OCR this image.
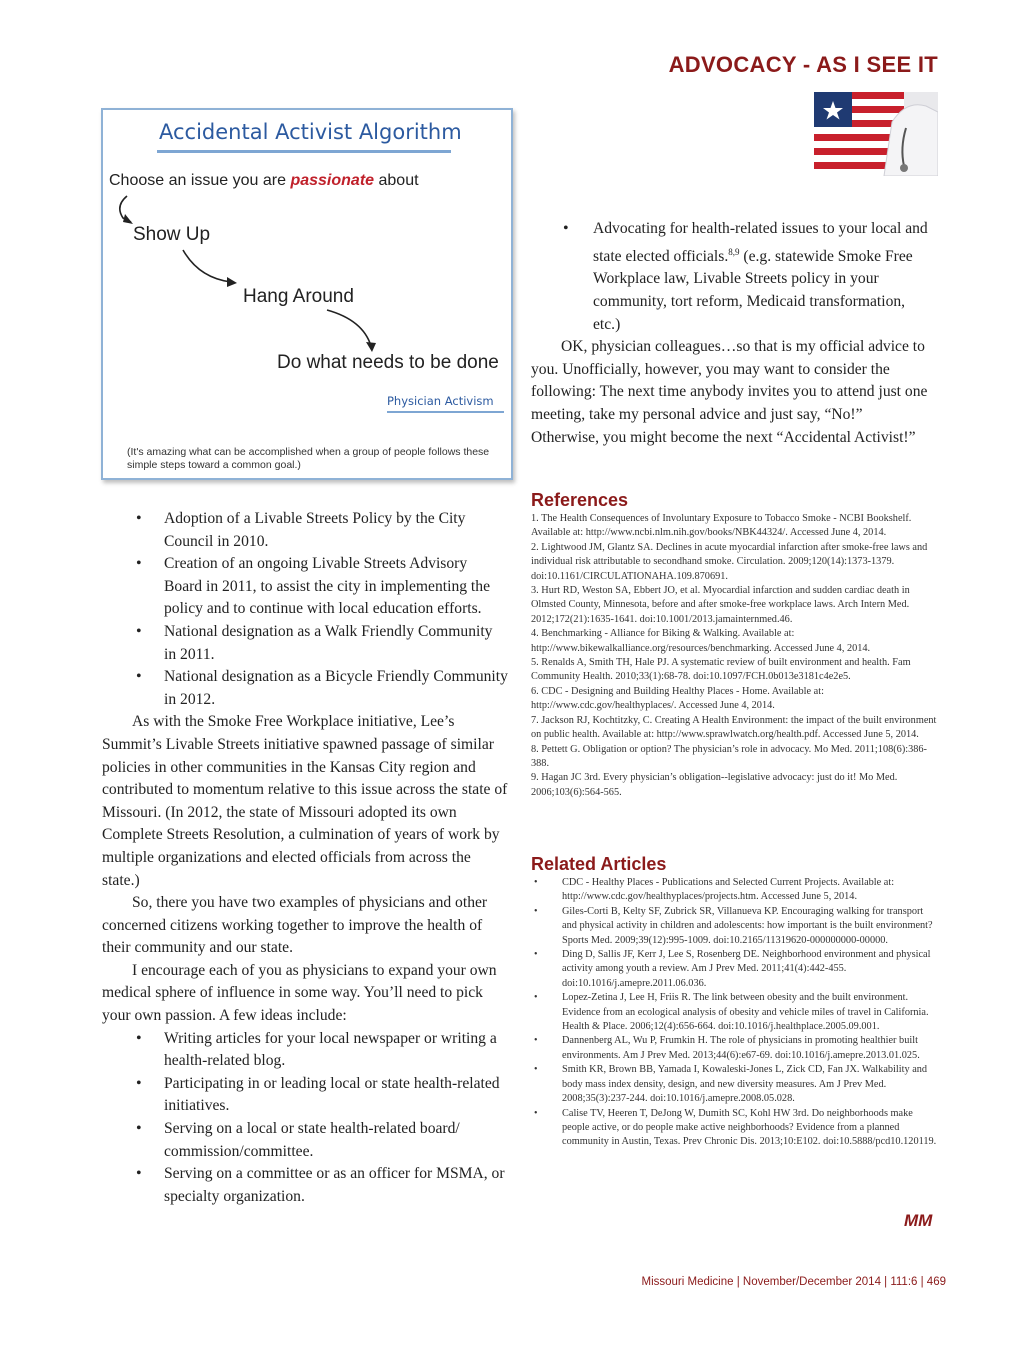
ADVOCACY - AS I SEE IT
Accidental Activist Algorithm
Choose an issue you are passionate about
Show Up
Hang Around
Do what needs to be done
Physician Activism
(It's amazing what can be accomplished when a group of people follows these simple steps toward a common goal.)
• Adoption of a Livable Streets Policy by the City Council in 2010.
• Creation of an ongoing Livable Streets Advisory Board in 2011, to assist the city in implementing the policy and to continue with local education efforts.
• National designation as a Walk Friendly Community in 2011.
• National designation as a Bicycle Friendly Community in 2012.

As with the Smoke Free Workplace initiative, Lee’s Summit’s Livable Streets initiative spawned passage of similar policies in other communities in the Kansas City region and contributed to momentum relative to this issue across the state of Missouri. (In 2012, the state of Missouri adopted its own Complete Streets Resolution, a culmination of years of work by multiple organizations and elected officials from across the state.)

So, there you have two examples of physicians and other concerned citizens working together to improve the health of their community and our state.

I encourage each of you as physicians to expand your own medical sphere of influence in some way. You’ll need to pick your own passion. A few ideas include:

• Writing articles for your local newspaper or writing a health-related blog.
• Participating in or leading local or state health-related initiatives.
• Serving on a local or state health-related board/ commission/committee.
• Serving on a committee or as an officer for MSMA, or specialty organization.
• Advocating for health-related issues to your local and state elected officials.$^{8,9}$ (e.g. statewide Smoke Free Workplace law, Livable Streets policy in your community, tort reform, Medicaid transformation, etc.)

OK, physician colleagues…so that is my official advice to you. Unofficially, however, you may want to consider the following: The next time anybody invites you to attend just one meeting, take my personal advice and just say, “No!” Otherwise, you might become the next “Accidental Activist!”

References

1. The Health Consequences of Involuntary Exposure to Tobacco Smoke - NCBI Bookshelf. Available at: http://www.ncbi.nlm.nih.gov/books/NBK44324/. Accessed June 4, 2014.

2. Lightwood JM, Glantz SA. Declines in acute myocardial infarction after smoke-free laws and individual risk attributable to secondhand smoke. Circulation. 2009;120(14):1373-1379. doi:10.1161/CIRCULATIONAHA.109.870691.

3. Hurt RD, Weston SA, Ebbert JO, et al. Myocardial infarction and sudden cardiac death in Olmsted County, Minnesota, before and after smoke-free workplace laws. Arch Intern Med. 2012;172(21):1635-1641. doi:10.1001/2013.jamainternmed.46.

4. Benchmarking - Alliance for Biking & Walking. Available at: http://www.bikewalkalliance.org/resources/benchmarking. Accessed June 4, 2014.

5. Renalds A, Smith TH, Hale PJ. A systematic review of built environment and health. Fam Community Health. 2010;33(1):68-78. doi:10.1097/FCH.0b013e3181c4e2e5.

6. CDC - Designing and Building Healthy Places - Home. Available at: http://www.cdc.gov/healthyplaces/. Accessed June 4, 2014.

7. Jackson RJ, Kochtitzky, C. Creating A Health Environment: the impact of the built environment on public health. Available at: http://www.sprawlwatch.org/health.pdf. Accessed June 5, 2014.

8. Pettett G. Obligation or option? The physician’s role in advocacy. Mo Med. 2011;108(6):386-388.

9. Hagan JC 3rd. Every physician’s obligation--legislative advocacy: just do it! Mo Med. 2006;103(6):564-565.

Related Articles
• CDC - Healthy Places - Publications and Selected Current Projects. Available at: http://www.cdc.gov/healthyplaces/projects.htm. Accessed June 5, 2014.
• Giles-Corti B, Kelty SF, Zubrick SR, Villanueva KP. Encouraging walking for transport and physical activity in children and adolescents: how important is the built environment? Sports Med. 2009;39(12):995-1009. doi:10.2165/11319620-000000000-00000.
• Ding D, Sallis JF, Kerr J, Lee S, Rosenberg DE. Neighborhood environment and physical activity among youth a review. Am J Prev Med. 2011;41(4):442-455. doi:10.1016/j.amepre.2011.06.036.
• Lopez-Zetina J, Lee H, Friis R. The link between obesity and the built environment. Evidence from an ecological analysis of obesity and vehicle miles of travel in California. Health & Place. 2006;12(4):656-664. doi:10.1016/j.healthplace.2005.09.001.
• Dannenberg AL, Wu P, Frumkin H. The role of physicians in promoting healthier built environments. Am J Prev Med. 2013;44(6):e67-69. doi:10.1016/j.amepre.2013.01.025.
• Smith KR, Brown BB, Yamada I, Kowaleski-Jones L, Zick CD, Fan JX. Walkability and body mass index density, design, and new diversity measures. Am J Prev Med. 2008;35(3):237-244. doi:10.1016/j.amepre.2008.05.028.
• Calise TV, Heeren T, DeJong W, Dumith SC, Kohl HW 3rd. Do neighborhoods make people active, or do people make active neighborhoods? Evidence from a planned community in Austin, Texas. Prev Chronic Dis. 2013;10:E102. doi:10.5888/pcd10.120119.
MM
Missouri Medicine | November/December 2014 | 111:6 | 469
